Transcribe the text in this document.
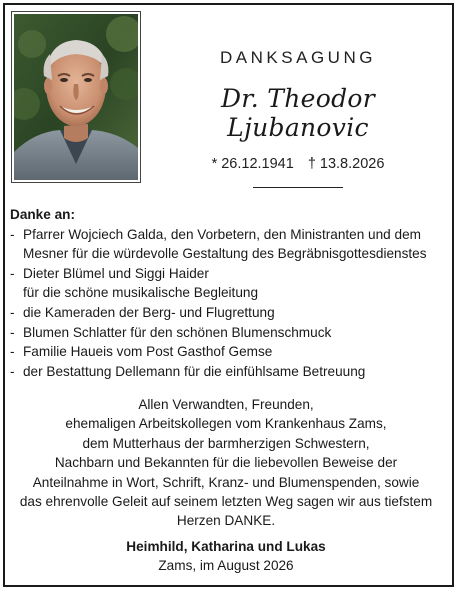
DANKSAGUNG
Dr. Theodor Ljubanovic
* 26.12.1941 † 13.8.2026
Danke an:
- Pfarrer Wojciech Galda, den Vorbetern, den Ministranten und dem
Mesner für die würdevolle Gestaltung des Begräbnisgottesdienstes
- Dieter Blümel und Siggi Haider
für die schöne musikalische Begleitung
- die Kameraden der Berg- und Flugrettung
- Blumen Schlatter für den schönen Blumenschmuck
- Familie Haueis vom Post Gasthof Gemse
- der Bestattung Dellemann für die einfühlsame Betreuung
Allen Verwandten, Freunden,
ehemaligen Arbeitskollegen vom Krankenhaus Zams,
dem Mutterhaus der barmherzigen Schwestern,
Nachbarn und Bekannten für die liebevollen Beweise der
Anteilnahme in Wort, Schrift, Kranz- und Blumenspenden, sowie
das ehrenvolle Geleit auf seinem letzten Weg sagen wir aus tiefstem
Herzen DANKE.
Heimhild, Katharina und Lukas
Zams, im August 2026
